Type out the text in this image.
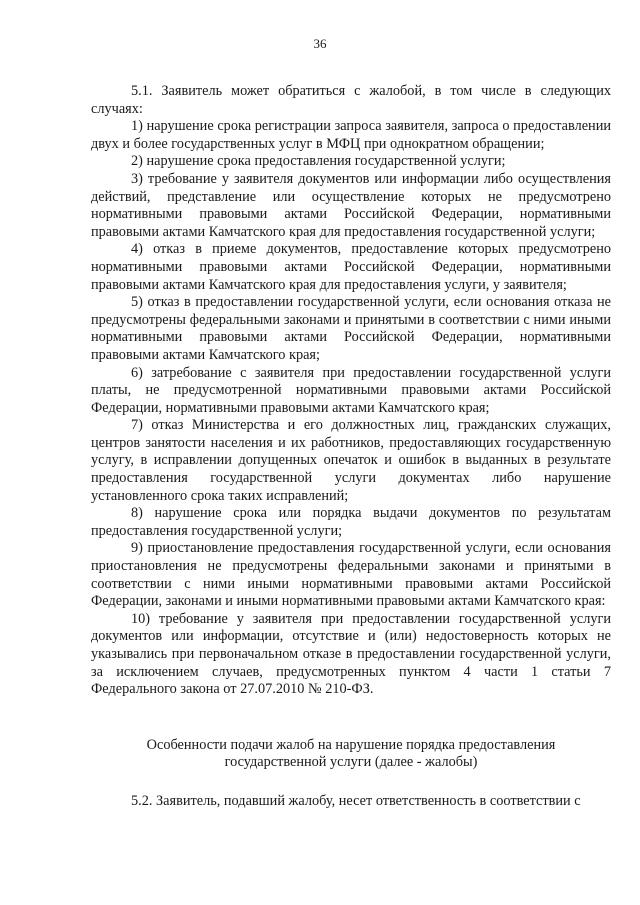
36

5.1. Заявитель может обратиться с жалобой, в том числе в следующих случаях:

1) нарушение срока регистрации запроса заявителя, запроса о предоставлении двух и более государственных услуг в МФЦ при однократном обращении;

2) нарушение срока предоставления государственной услуги;

3) требование у заявителя документов или информации либо осуществления действий, представление или осуществление которых не предусмотрено нормативными правовыми актами Российской Федерации, нормативными правовыми актами Камчатского края для предоставления государственной услуги;

4) отказ в приеме документов, предоставление которых предусмотрено нормативными правовыми актами Российской Федерации, нормативными правовыми актами Камчатского края для предоставления услуги, у заявителя;

5) отказ в предоставлении государственной услуги, если основания отказа не предусмотрены федеральными законами и принятыми в соответствии с ними иными нормативными правовыми актами Российской Федерации, нормативными правовыми актами Камчатского края;

6) затребование с заявителя при предоставлении государственной услуги платы, не предусмотренной нормативными правовыми актами Российской Федерации, нормативными правовыми актами Камчатского края;

7) отказ Министерства и его должностных лиц, гражданских служащих, центров занятости населения и их работников, предоставляющих государственную услугу, в исправлении допущенных опечаток и ошибок в выданных в результате предоставления государственной услуги документах либо нарушение установленного срока таких исправлений;

8) нарушение срока или порядка выдачи документов по результатам предоставления государственной услуги;

9) приостановление предоставления государственной услуги, если основания приостановления не предусмотрены федеральными законами и принятыми в соответствии с ними иными нормативными правовыми актами Российской Федерации, законами и иными нормативными правовыми актами Камчатского края:

10) требование у заявителя при предоставлении государственной услуги документов или информации, отсутствие и (или) недостоверность которых не указывались при первоначальном отказе в предоставлении государственной услуги, за исключением случаев, предусмотренных пунктом 4 части 1 статьи 7 Федерального закона от 27.07.2010 № 210-ФЗ.

Особенности подачи жалоб на нарушение порядка предоставления государственной услуги (далее - жалобы)

5.2. Заявитель, подавший жалобу, несет ответственность в соответствии с
